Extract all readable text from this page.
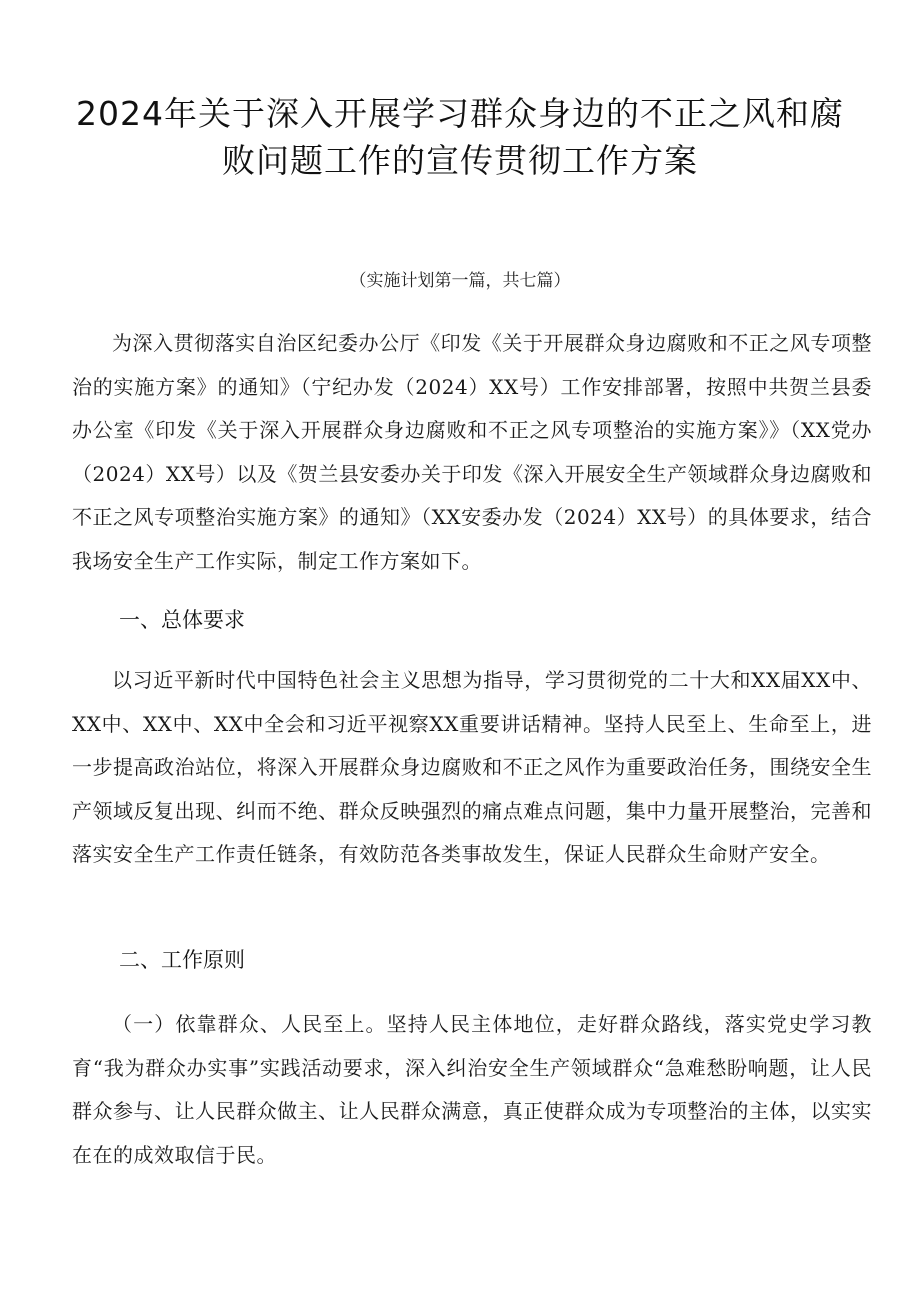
2024年关于深入开展学习群众身边的不正之风和腐
败问题工作的宣传贯彻工作方案
（实施计划第一篇，共七篇）

为深入贯彻落实自治区纪委办公厅《印发《关于开展群众身边腐败和不正之风专项整治的实施方案》的通知》（宁纪办发（2024）XX号）工作安排部署，按照中共贺兰县委办公室《印发《关于深入开展群众身边腐败和不正之风专项整治的实施方案》》（XX党办（2024）XX号）以及《贺兰县安委办关于印发《深入开展安全生产领域群众身边腐败和不正之风专项整治实施方案》的通知》（XX安委办发（2024）XX号）的具体要求，结合我场安全生产工作实际，制定工作方案如下。

一、总体要求

以习近平新时代中国特色社会主义思想为指导，学习贯彻党的二十大和XX届XX中、XX中、XX中、XX中全会和习近平视察XX重要讲话精神。坚持人民至上、生命至上，进一步提高政治站位，将深入开展群众身边腐败和不正之风作为重要政治任务，围绕安全生产领域反复出现、纠而不绝、群众反映强烈的痛点难点问题，集中力量开展整治，完善和落实安全生产工作责任链条，有效防范各类事故发生，保证人民群众生命财产安全。

二、工作原则

（一）依靠群众、人民至上。坚持人民主体地位，走好群众路线，落实党史学习教育“我为群众办实事”实践活动要求，深入纠治安全生产领域群众“急难愁盼响题，让人民群众参与、让人民群众做主、让人民群众满意，真正使群众成为专项整治的主体，以实实在在的成效取信于民。
